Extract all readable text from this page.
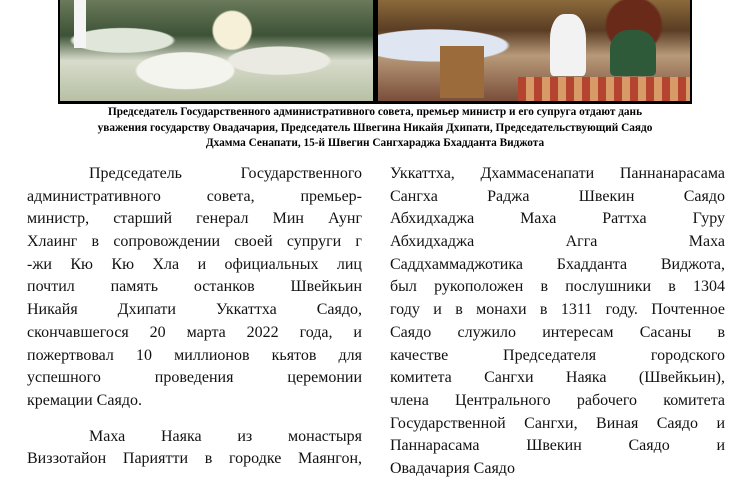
Председатель Государственного административного совета, премьер министр и его супруга отдают дань
уважения государству Овадачария, Председатель Швегина Никайя Дхипати, Председательствующий Саядо
Дхамма Сенапати, 15-й Швегин Сангхараджа Бхадданта Виджота
Председатель Государственного
административного совета, премьер-
министр, старший генерал Мин Аунг
Хлаинг в сопровождении своей супруги г
-жи Кю Кю Хла и официальных лиц
почтил память останков Швейкьин
Никайя Дхипати Уккаттха Саядо,
скончавшегося 20 марта 2022 года, и
пожертвовал 10 миллионов кьятов для
успешного проведения церемонии
кремации Саядо.
Маха Наяка из монастыря
Виззотайон Париятти в городке Маянгон,
Уккаттха, Дхаммасенапати Паннанарасама
Сангха Раджа Швекин Саядо
Абхидхаджа Маха Раттха Гуру
Абхидхаджа Агга Маха
Саддхаммаджотика Бхадданта Виджота,
был рукоположен в послушники в 1304
году и в монахи в 1311 году. Почтенное
Саядо служило интересам Сасаны в
качестве Председателя городского
комитета Сангхи Наяка (Швейкьин),
члена Центрального рабочего комитета
Государственной Сангхи, Виная Саядо и
Паннарасама Швекин Саядо и
Овадачария Саядо
